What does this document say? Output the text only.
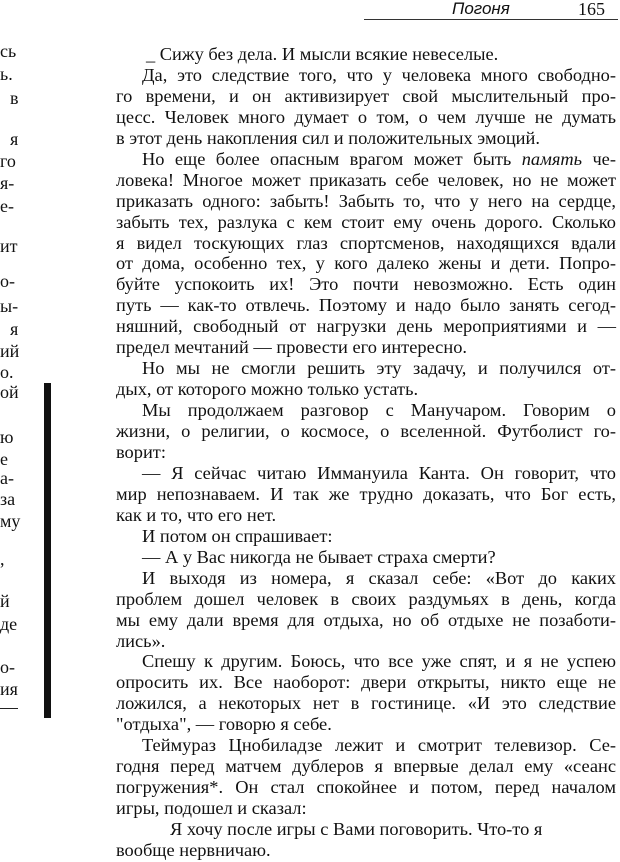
Погоня	165
сь
ь.
в
я
го
я-
е-
ит
о-
ы-
я
ий
о.
ой
ю
е
а-
за
му
,
й
де
о-
ия
_ Сижу без дела. И мысли всякие невеселые.
Да, это следствие того, что у человека много свободно-
го времени, и он активизирует свой мыслительный про-
цесс. Человек много думает о том, о чем лучше не думать
в этот день накопления сил и положительных эмоций.
Но еще более опасным врагом может быть память че-
ловека! Многое может приказать себе человек, но не может
приказать одного: забыть! Забыть то, что у него на сердце,
забыть тех, разлука с кем стоит ему очень дорого. Сколько
я видел тоскующих глаз спортсменов, находящихся вдали
от дома, особенно тех, у кого далеко жены и дети. Попро-
буйте успокоить их! Это почти невозможно. Есть один
путь — как-то отвлечь. Поэтому и надо было занять сегод-
няшний, свободный от нагрузки день мероприятиями и —
предел мечтаний — провести его интересно.
Но мы не смогли решить эту задачу, и получился от-
дых, от которого можно только устать.
Мы продолжаем разговор с Манучаром. Говорим о
жизни, о религии, о космосе, о вселенной. Футболист го-
ворит:
— Я сейчас читаю Иммануила Канта. Он говорит, что
мир непознаваем. И так же трудно доказать, что Бог есть,
как и то, что его нет.
И потом он спрашивает:
— А у Вас никогда не бывает страха смерти?
И выходя из номера, я сказал себе: «Вот до каких
проблем дошел человек в своих раздумьях в день, когда
мы ему дали время для отдыха, но об отдыхе не позаботи-
лись».
Спешу к другим. Боюсь, что все уже спят, и я не успею
опросить их. Все наоборот: двери открыты, никто еще не
ложился, а некоторых нет в гостинице. «И это следствие
"отдыха", — говорю я себе.
Теймураз Цнобиладзе лежит и смотрит телевизор. Се-
годня перед матчем дублеров я впервые делал ему «сеанс
погружения*. Он стал спокойнее и потом, перед началом
игры, подошел и сказал:
Я хочу после игры с Вами поговорить. Что-то я
вообще нервничаю.
